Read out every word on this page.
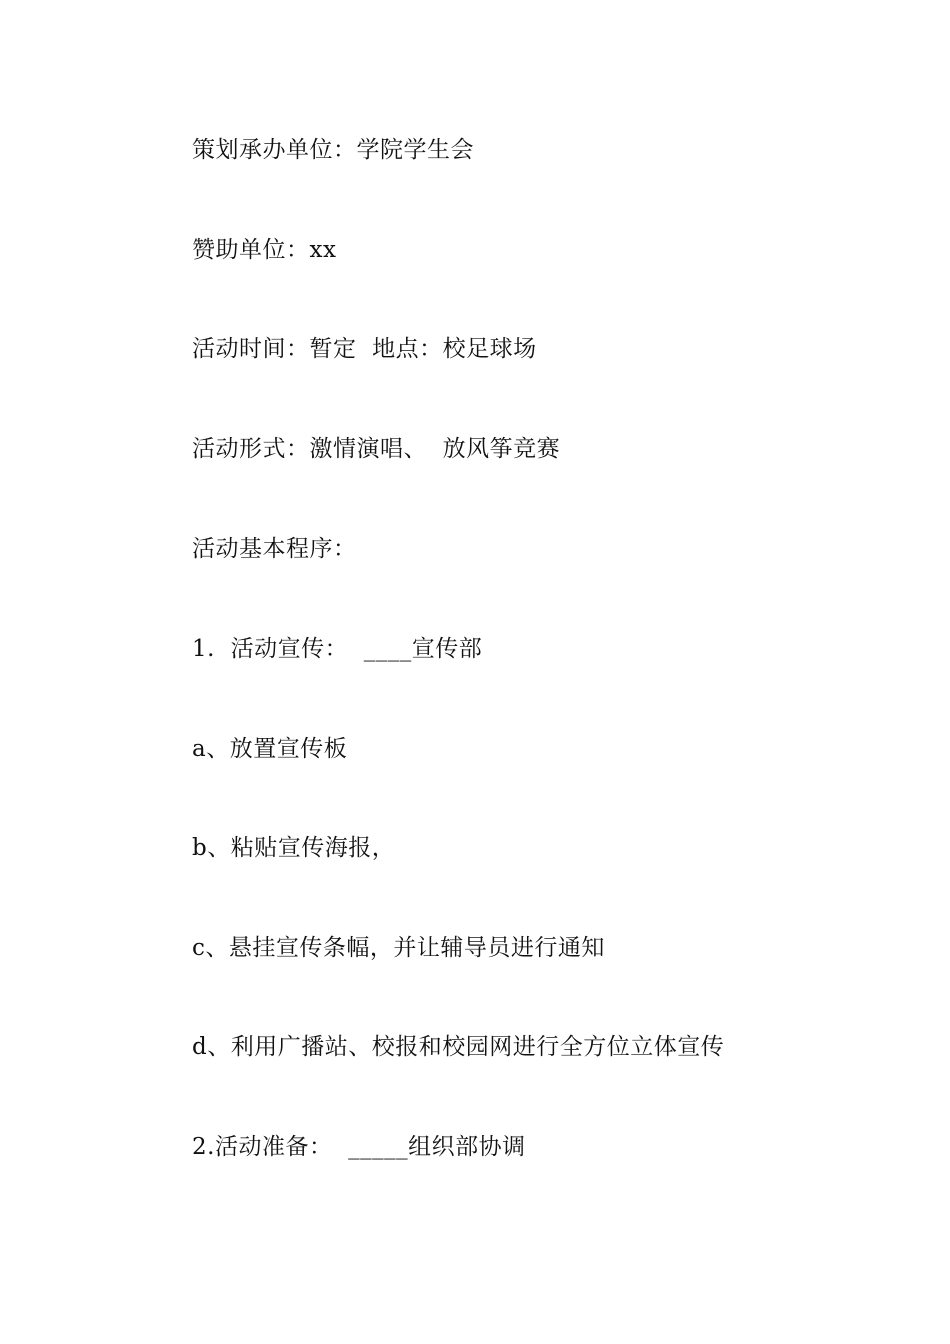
策划承办单位：学院学生会
赞助单位：xx
活动时间：暂定  地点：校足球场
活动形式：激情演唱、  放风筝竞赛
活动基本程序：
1.  活动宣传：  ____宣传部
a、放置宣传板
b、粘贴宣传海报，
c、悬挂宣传条幅，并让辅导员进行通知
d、利用广播站、校报和校园网进行全方位立体宣传
2.活动准备：  _____组织部协调
